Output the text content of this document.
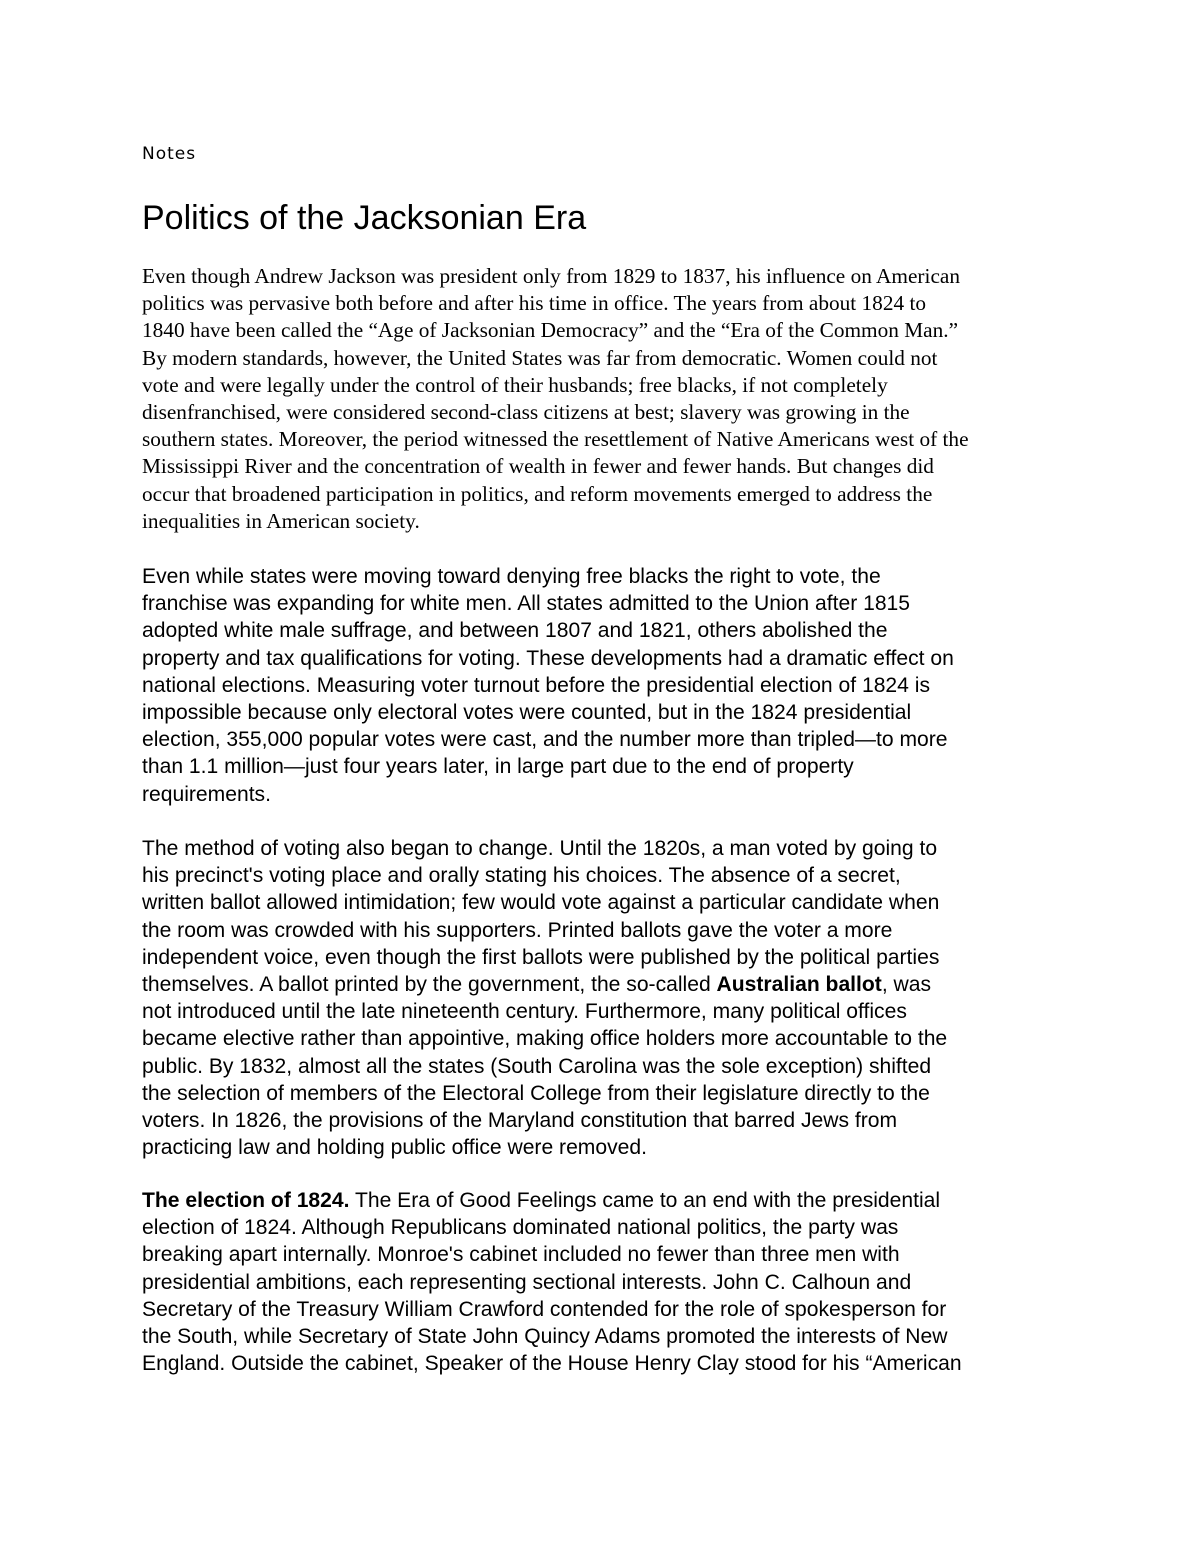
Notes
Politics of the Jacksonian Era

Even though Andrew Jackson was president only from 1829 to 1837, his influence on American
politics was pervasive both before and after his time in office. The years from about 1824 to
1840 have been called the “Age of Jacksonian Democracy” and the “Era of the Common Man.”
By modern standards, however, the United States was far from democratic. Women could not
vote and were legally under the control of their husbands; free blacks, if not completely
disenfranchised, were considered second-class citizens at best; slavery was growing in the
southern states. Moreover, the period witnessed the resettlement of Native Americans west of the
Mississippi River and the concentration of wealth in fewer and fewer hands. But changes did
occur that broadened participation in politics, and reform movements emerged to address the
inequalities in American society.

Even while states were moving toward denying free blacks the right to vote, the
franchise was expanding for white men. All states admitted to the Union after 1815
adopted white male suffrage, and between 1807 and 1821, others abolished the
property and tax qualifications for voting. These developments had a dramatic effect on
national elections. Measuring voter turnout before the presidential election of 1824 is
impossible because only electoral votes were counted, but in the 1824 presidential
election, 355,000 popular votes were cast, and the number more than tripled—to more
than 1.1 million—just four years later, in large part due to the end of property
requirements.

The method of voting also began to change. Until the 1820s, a man voted by going to
his precinct's voting place and orally stating his choices. The absence of a secret,
written ballot allowed intimidation; few would vote against a particular candidate when
the room was crowded with his supporters. Printed ballots gave the voter a more
independent voice, even though the first ballots were published by the political parties
themselves. A ballot printed by the government, the so-called Australian ballot, was
not introduced until the late nineteenth century. Furthermore, many political offices
became elective rather than appointive, making office holders more accountable to the
public. By 1832, almost all the states (South Carolina was the sole exception) shifted
the selection of members of the Electoral College from their legislature directly to the
voters. In 1826, the provisions of the Maryland constitution that barred Jews from
practicing law and holding public office were removed.

The election of 1824. The Era of Good Feelings came to an end with the presidential
election of 1824. Although Republicans dominated national politics, the party was
breaking apart internally. Monroe's cabinet included no fewer than three men with
presidential ambitions, each representing sectional interests. John C. Calhoun and
Secretary of the Treasury William Crawford contended for the role of spokesperson for
the South, while Secretary of State John Quincy Adams promoted the interests of New
England. Outside the cabinet, Speaker of the House Henry Clay stood for his “American
